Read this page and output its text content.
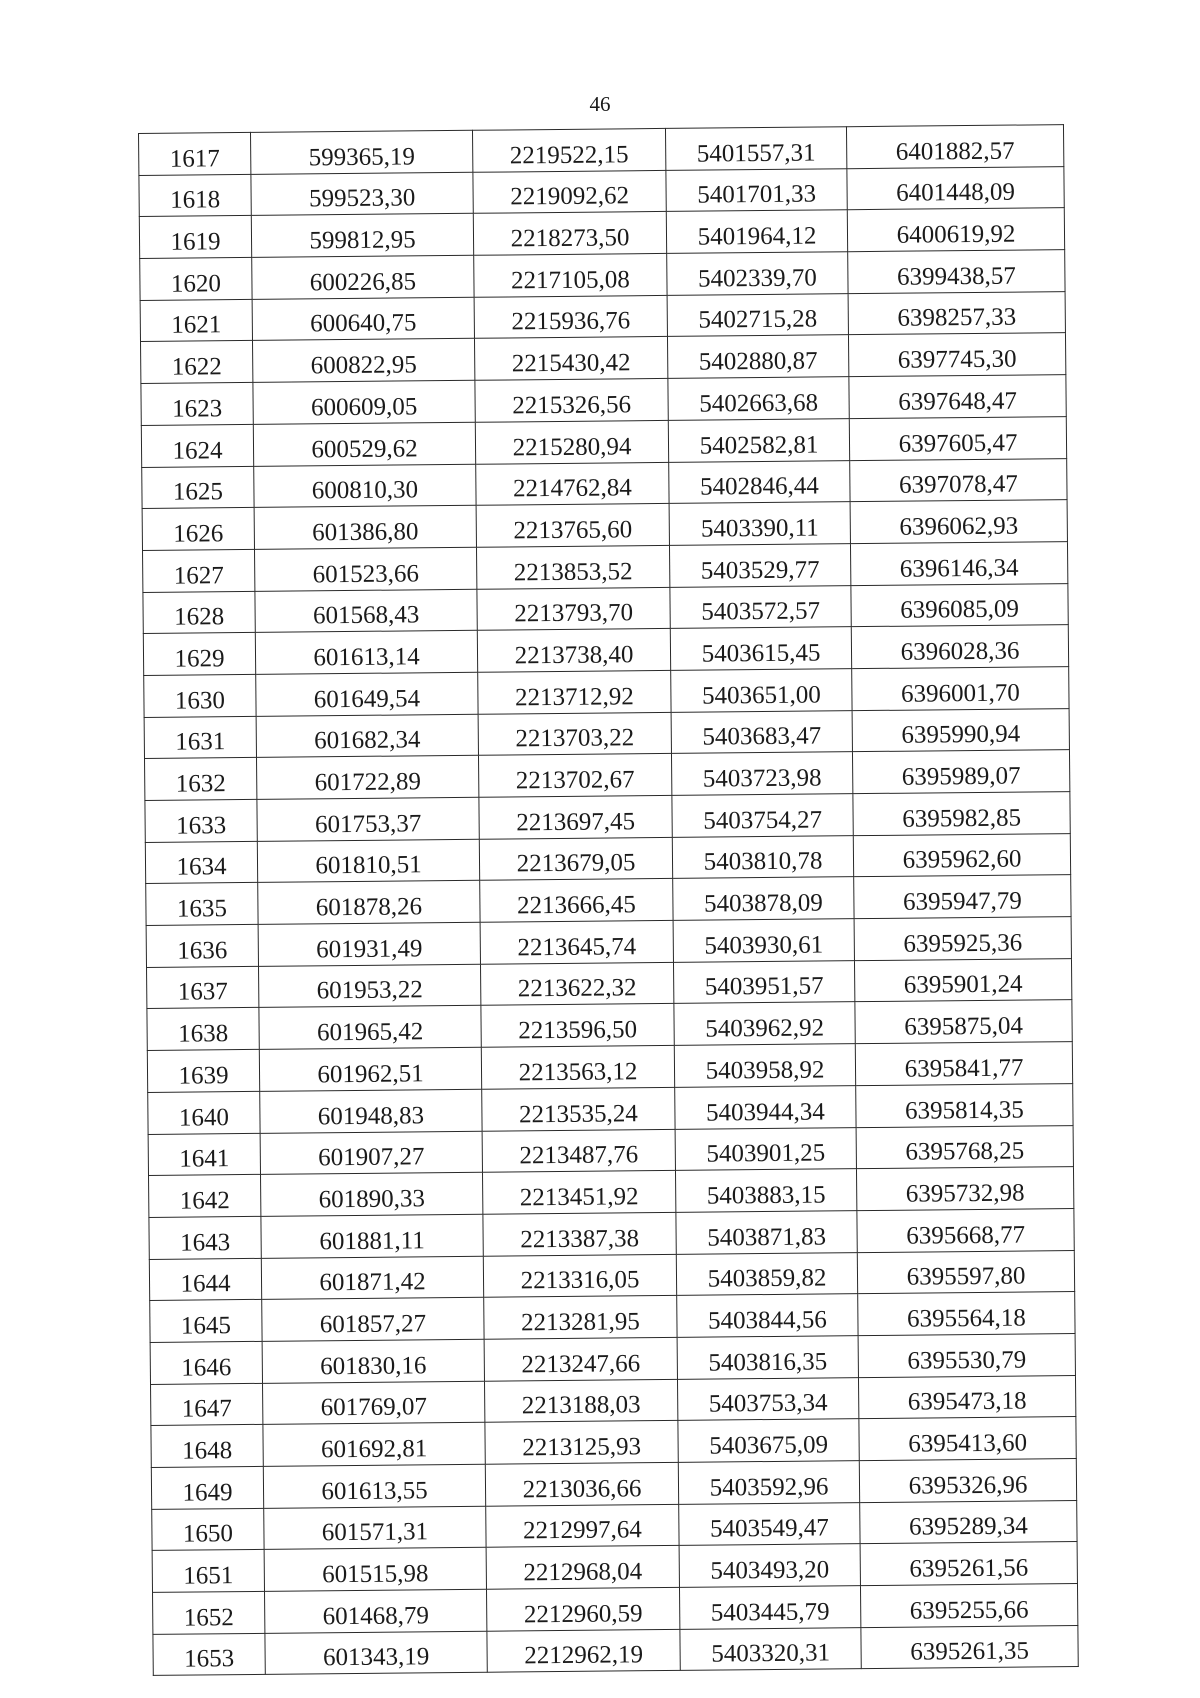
46
1617	599365,19	2219522,15	5401557,31	6401882,57
1618	599523,30	2219092,62	5401701,33	6401448,09
1619	599812,95	2218273,50	5401964,12	6400619,92
1620	600226,85	2217105,08	5402339,70	6399438,57
1621	600640,75	2215936,76	5402715,28	6398257,33
1622	600822,95	2215430,42	5402880,87	6397745,30
1623	600609,05	2215326,56	5402663,68	6397648,47
1624	600529,62	2215280,94	5402582,81	6397605,47
1625	600810,30	2214762,84	5402846,44	6397078,47
1626	601386,80	2213765,60	5403390,11	6396062,93
1627	601523,66	2213853,52	5403529,77	6396146,34
1628	601568,43	2213793,70	5403572,57	6396085,09
1629	601613,14	2213738,40	5403615,45	6396028,36
1630	601649,54	2213712,92	5403651,00	6396001,70
1631	601682,34	2213703,22	5403683,47	6395990,94
1632	601722,89	2213702,67	5403723,98	6395989,07
1633	601753,37	2213697,45	5403754,27	6395982,85
1634	601810,51	2213679,05	5403810,78	6395962,60
1635	601878,26	2213666,45	5403878,09	6395947,79
1636	601931,49	2213645,74	5403930,61	6395925,36
1637	601953,22	2213622,32	5403951,57	6395901,24
1638	601965,42	2213596,50	5403962,92	6395875,04
1639	601962,51	2213563,12	5403958,92	6395841,77
1640	601948,83	2213535,24	5403944,34	6395814,35
1641	601907,27	2213487,76	5403901,25	6395768,25
1642	601890,33	2213451,92	5403883,15	6395732,98
1643	601881,11	2213387,38	5403871,83	6395668,77
1644	601871,42	2213316,05	5403859,82	6395597,80
1645	601857,27	2213281,95	5403844,56	6395564,18
1646	601830,16	2213247,66	5403816,35	6395530,79
1647	601769,07	2213188,03	5403753,34	6395473,18
1648	601692,81	2213125,93	5403675,09	6395413,60
1649	601613,55	2213036,66	5403592,96	6395326,96
1650	601571,31	2212997,64	5403549,47	6395289,34
1651	601515,98	2212968,04	5403493,20	6395261,56
1652	601468,79	2212960,59	5403445,79	6395255,66
1653	601343,19	2212962,19	5403320,31	6395261,35
